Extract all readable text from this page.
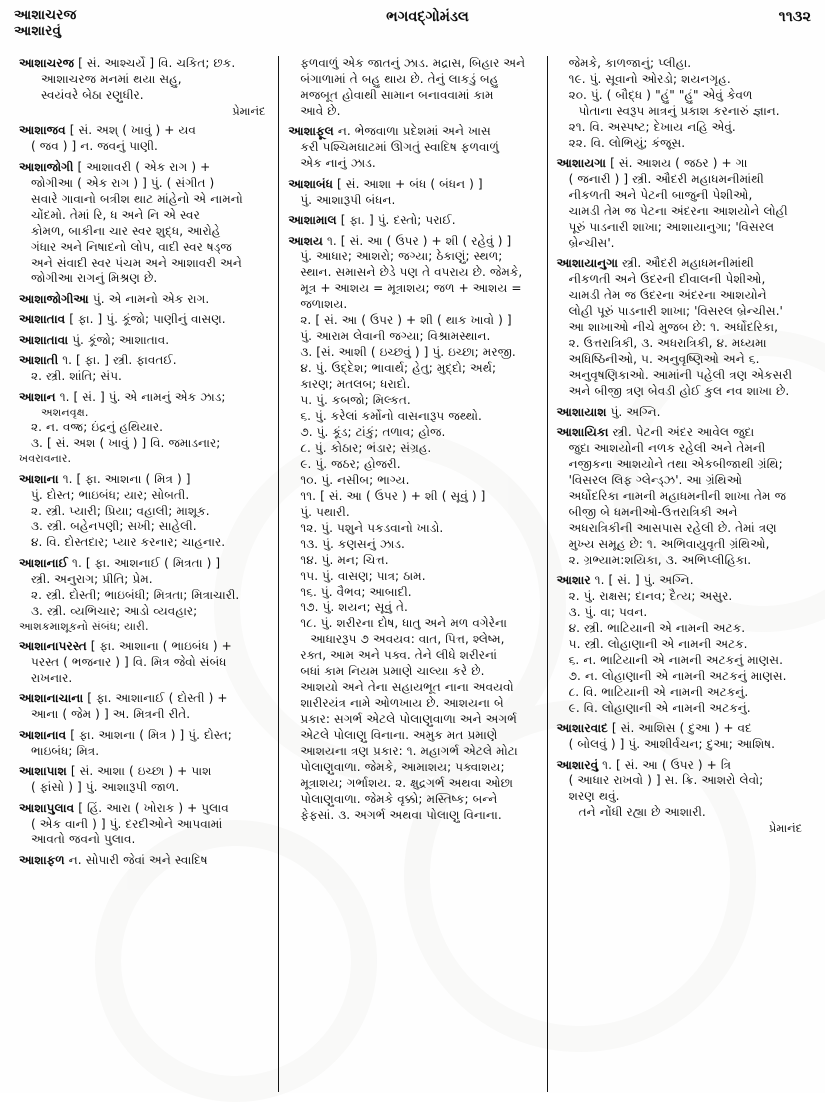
આશાચરજ
આશારવું
ભગવદ્ગોમંડલ	૧૧૩૨

આશાચરજ [ સં. આશ્ચર્યે ] વિ. ચકિત; છક.

આશાચરજ મનમાં થયા સહુ,

સ્વયંવરે બેઠા રણુધીર.

પ્રેમાનંદ

આશાજવ [ સં. અશ્ ( ખાવું ) + યવ

( જવ ) ] ન. જવનું પાણી.

આશાજોગી [ આશાવરી ( એક રાગ ) +

જોગીઆ ( એક રાગ ) ] પું. ( સંગીત )

સવારે ગાવાનો બત્રીશ થાટ માંહેનો એ નામનો

ચોંદમો. તેમાં રિ, ધ અને નિ એ સ્વર

કોમળ, બાકીના ચાર સ્વર શુદ્ધ, આરોહે

ગંધાર અને નિષાદનો લોપ, વાદી સ્વર ષડ્જ

અને સંવાદી સ્વર પંચમ અને આશાવરી અને

જોગીઆ રાગનું મિશ્રણ છે.

આશાજોગીઆ પું. એ નામનો એક રાગ.

આશાતાવ [ ફા. ] પું. કૂંજો; પાણીનું વાસણ.

આશાતાવા પું. કૂંજો; આશાતાવ.

આશાતી ૧. [ ફા. ] સ્ત્રી. ફાવતઈ.

૨. સ્ત્રી. શાંતિ; સંપ.

આશાન ૧. [ સં. ] પું. એ નામનું એક ઝાડ;

અશનવૃક્ષ.

૨. ન. વજ્ર; ઇંદ્રનું હથિયાર.

૩. [ સં. અશ ( ખાવું ) ] વિ. જમાડનાર;

ખવરાવનાર.

આશાના ૧. [ ફા. આશના ( મિત્ર ) ]

પું. દોસ્ત; ભાઇબંધ; યાર; સોબતી.

૨. સ્ત્રી. પ્યારી; પ્રિયા; વહાલી; માશૂક.

૩. સ્ત્રી. બહેનપણી; સખી; સાહેલી.

૪. વિ. દોસ્તદાર; પ્યાર કરનાર; ચાહનાર.

આશાનાઈ ૧. [ ફા. આશનાઈ ( મિત્રતા ) ]

સ્ત્રી. અનુરાગ; પ્રીતિ; પ્રેમ.

૨. સ્ત્રી. દોસ્તી; ભાઇબંધી; મિત્રતા; મિત્રાચારી.

૩. સ્ત્રી. વ્યભિચાર; આડો વ્યવહાર;

આશકમાશૂકનો સંબંધ; યારી.

આશાનાપરસ્ત [ ફા. આશાના ( ભાઇબંધ ) +

પરસ્ત ( ભજનાર ) ] વિ. મિત્ર જેવો સંબંધ

રાખનાર.

આશાનાચાના [ ફા. આશાનાઈ ( દોસ્તી ) +

આના ( જેમ ) ] અ. મિત્રની રીતે.

આશાનાવ [ ફા. આશના ( મિત્ર ) ] પું. દોસ્ત;

ભાઇબંધ; મિત્ર.

આશાપાશ [ સં. આશા ( ઇચ્છા ) + પાશ

( ફાંસો ) ] પું. આશારૂપી જાળ.

આશાપુલાવ [ હિં. આરા ( ખોરાક ) + પુલાવ

( એક વાની ) ] પું. દરદીઓને આપવામાં

આવતો જવનો પુલાવ.

આશાફળ ન. સોપારી જેવાં અને સ્વાદિષ

ફળવાળું એક જાતનું ઝાડ. મદ્રાસ, બિહાર અને

બંગાળામાં તે બહુ થાય છે. તેનું લાકડું બહુ

મજબૂત હોવાથી સામાન બનાવવામાં કામ

આવે છે.

આશાફૂલ ન. ભેજવાળા પ્રદેશમાં અને ખાસ

કરી પશ્ચિમઘાટમાં ઊગતું સ્વાદિષ ફળવાળું

એક નાનું ઝાડ.

આશાબંધ [ સં. આશા + બંધ ( બંધન ) ]

પું. આશારૂપી બંધન.

આશામાલ [ ફા. ] પું. દસ્તો; પરાઈ.

આશય ૧. [ સં. આ ( ઉપર ) + શી ( રહેવું ) ]

પું. આધાર; આશરો; જગ્યા; ઠેકાણું; સ્થળ;

સ્થાન. સમાસને છેડે પણ તે વપરાય છે. જેમકે,

મૂત્ર + આશય = મૂત્રાશય; જળ + આશય =

જળાશય.

૨. [ સં. આ ( ઉપર ) + શી ( થાક ખાવો ) ]

પું. આરામ લેવાની જગ્યા; વિશ્રામસ્થાન.

૩. [સં. આશી ( ઇચ્છવું ) ] પું. ઇચ્છા; મરજી.

૪. પું. ઉદ્દેશ; ભાવાર્થ; હેતુ; મુદ્દો; અર્થ;

કારણ; મતલબ; ધરાદો.

૫. પું. કબજો; મિલ્કત.

૬. પું. કરેલાં કર્મોનો વાસનારૂપ જથ્થો.

૭. પું. કૂંડ; ટાંકું; તળાવ; હોજ.

૮. પું. કોઠાર; ભંડાર; સંગ્રહ.

૯. પું. જઠર; હોજરી.

૧૦. પું. નસીબ; ભાગ્ય.

૧૧. [ સં. આ ( ઉપર ) + શી ( સૂવું ) ]

પું. પથારી.

૧૨. પું. પશુને પકડવાનો ખાડો.

૧૩. પું. કણસનું ઝાડ.

૧૪. પું. મન; ચિત્ત.

૧૫. પું. વાસણ; પાત્ર; ઠામ.

૧૬. પું. વૈભવ; આબાદી.

૧૭. પું. શયન; સૂવું તે.

૧૮. પું. શરીરના દોષ, ધાતુ અને મળ વગેરેના

આધારરૂપ ૭ અવયવ: વાત, પિત્ત, શ્લેષ્મ,

રક્ત, આમ અને પક્વ. તેને લીધે શરીરનાં

બધાં કામ નિયમ પ્રમાણે ચાલ્યા કરે છે.

આશયો અને તેના સહાયભૂત નાના અવયવો

શારીરયંત્ર નામે ઓળખાય છે. આશયના બે

પ્રકાર: સગર્ભ એટલે પોલાણુવાળા અને અગર્ભ

એટલે પોલાણુ વિનાના. અમુક મત પ્રમાણે

આશયના ત્રણ પ્રકાર: ૧. મહાગર્ભ એટલે મોટા

પોલાણુવાળા. જેમકે, આમાશય; પક્વાશય;

મૂત્રાશય; ગર્ભાશય. ૨. ક્ષુદ્રગર્ભ અથવા ઓછા

પોલાણુવાળા. જેમકે વૃક્કો; મસ્તિષ્ક; બન્ને

ફેફસાં. ૩. અગર્ભ અથવા પોલાણુ વિનાના.

જેમકે, કાળજાનું; પ્લીહા.

૧૯. પું. સૂવાનો ઓરડો; શયનગૃહ.

૨૦. પું. ( બૌદ્ધ ) "હું" "હું" એવું કેવળ

પોતાના સ્વરૂપ માત્રનું પ્રકાશ કરનારું જ્ઞાન.

૨૧. વિ. અસ્પષ્ટ; દેખાય નહિ એવું.

૨૨. વિ. લોભિયું; કંજૂસ.

આશાયગા [ સં. આશય ( જઠર ) + ગા

( જનારી ) ] સ્ત્રી. ઔદરી મહાધમનીમાંથી

નીકળતી અને પેટની બાજુની પેશીઓ,

ચામડી તેમ જ પેટના અંદરના આશયોને લોહી

પૂરું પાડનારી શાખા; આશાયાનુગા; 'વિસરલ

બ્રેન્ચીસ'.

આશાયાનુગા સ્ત્રી. ઔદરી મહાધમનીમાંથી

નીકળતી અને ઉદરની દીવાલની પેશીઓ,

ચામડી તેમ જ ઉદરના અંદરના આશયોને

લોહી પૂરું પાડનારી શાખા; 'વિસરલ બ્રેન્ચીસ.'

આ શાખાઓ નીચે મુજબ છે: ૧. અર્ધોદરિકા,

૨. ઉત્તરાત્રિકી, ૩. અધરાત્રિકી, ૪. મધ્યમા

અધિષ્ઠિનીઓ, ૫. અનુવૃષ્ણિઓ અને ૬.

અનુવૃષણિકાઓ. આમાંની પહેલી ત્રણ એકસરી

અને બીજી ત્રણ બેવડી હોઈ કુલ નવ શાખા છે.

આશાયાશ પું. અગ્નિ.

આશાયિકા સ્ત્રી. પેટની અંદર આવેલ જુદા

જુદા આશયોની નળક રહેલી અને તેમની

નજીકના આશયોને તથા એકબીજાથી ગ્રંથિ;

'વિસરલ લિફ ગ્લેન્ડ્ઝ'. આ ગ્રંથિઓ

અર્ધોદરિકા નામની મહાધમનીની શાખા તેમ જ

બીજી બે ધમનીઓ-ઉત્તરાત્રિકી અને

અધરાત્રિકીની આસપાસ રહેલી છે. તેમાં ત્રણ

મુખ્ય સમૂહ છે: ૧. અભિવાયુવૃતી ગ્રંથિઓ,

૨. ગ્રભ્યામ:શયિકા, ૩. અભિપ્લીહિકા.

આશાર ૧. [ સં. ] પું. અગ્નિ.

૨. પું. રાક્ષસ; દાનવ; દૈત્ય; અસુર.

૩. પું. વા; પવન.

૪. સ્ત્રી. ભાટિયાની એ નામની અટક.

૫. સ્ત્રી. લોહાણાની એ નામની અટક.

૬. ન. ભાટિયાની એ નામની અટકનું માણસ.

૭. ન. લોહાણાની એ નામની અટકનું માણસ.

૮. વિ. ભાટિયાની એ નામની અટકનું.

૯. વિ. લોહાણાની એ નામની અટકનું.

આશારવાદ [ સં. આશિસ ( દુઆ ) + વદ

( બોલવું ) ] પું. આશીર્વચન; દુઆ; આશિષ.

આશારવું ૧. [ સં. આ ( ઉપર ) + ત્રિ

( આધાર રાખવો ) ] સ. ક્રિ. આશરો લેવો;

શરણ થવું.

તને નોંધી રહ્યા છે આશારી.

પ્રેમાનંદ
